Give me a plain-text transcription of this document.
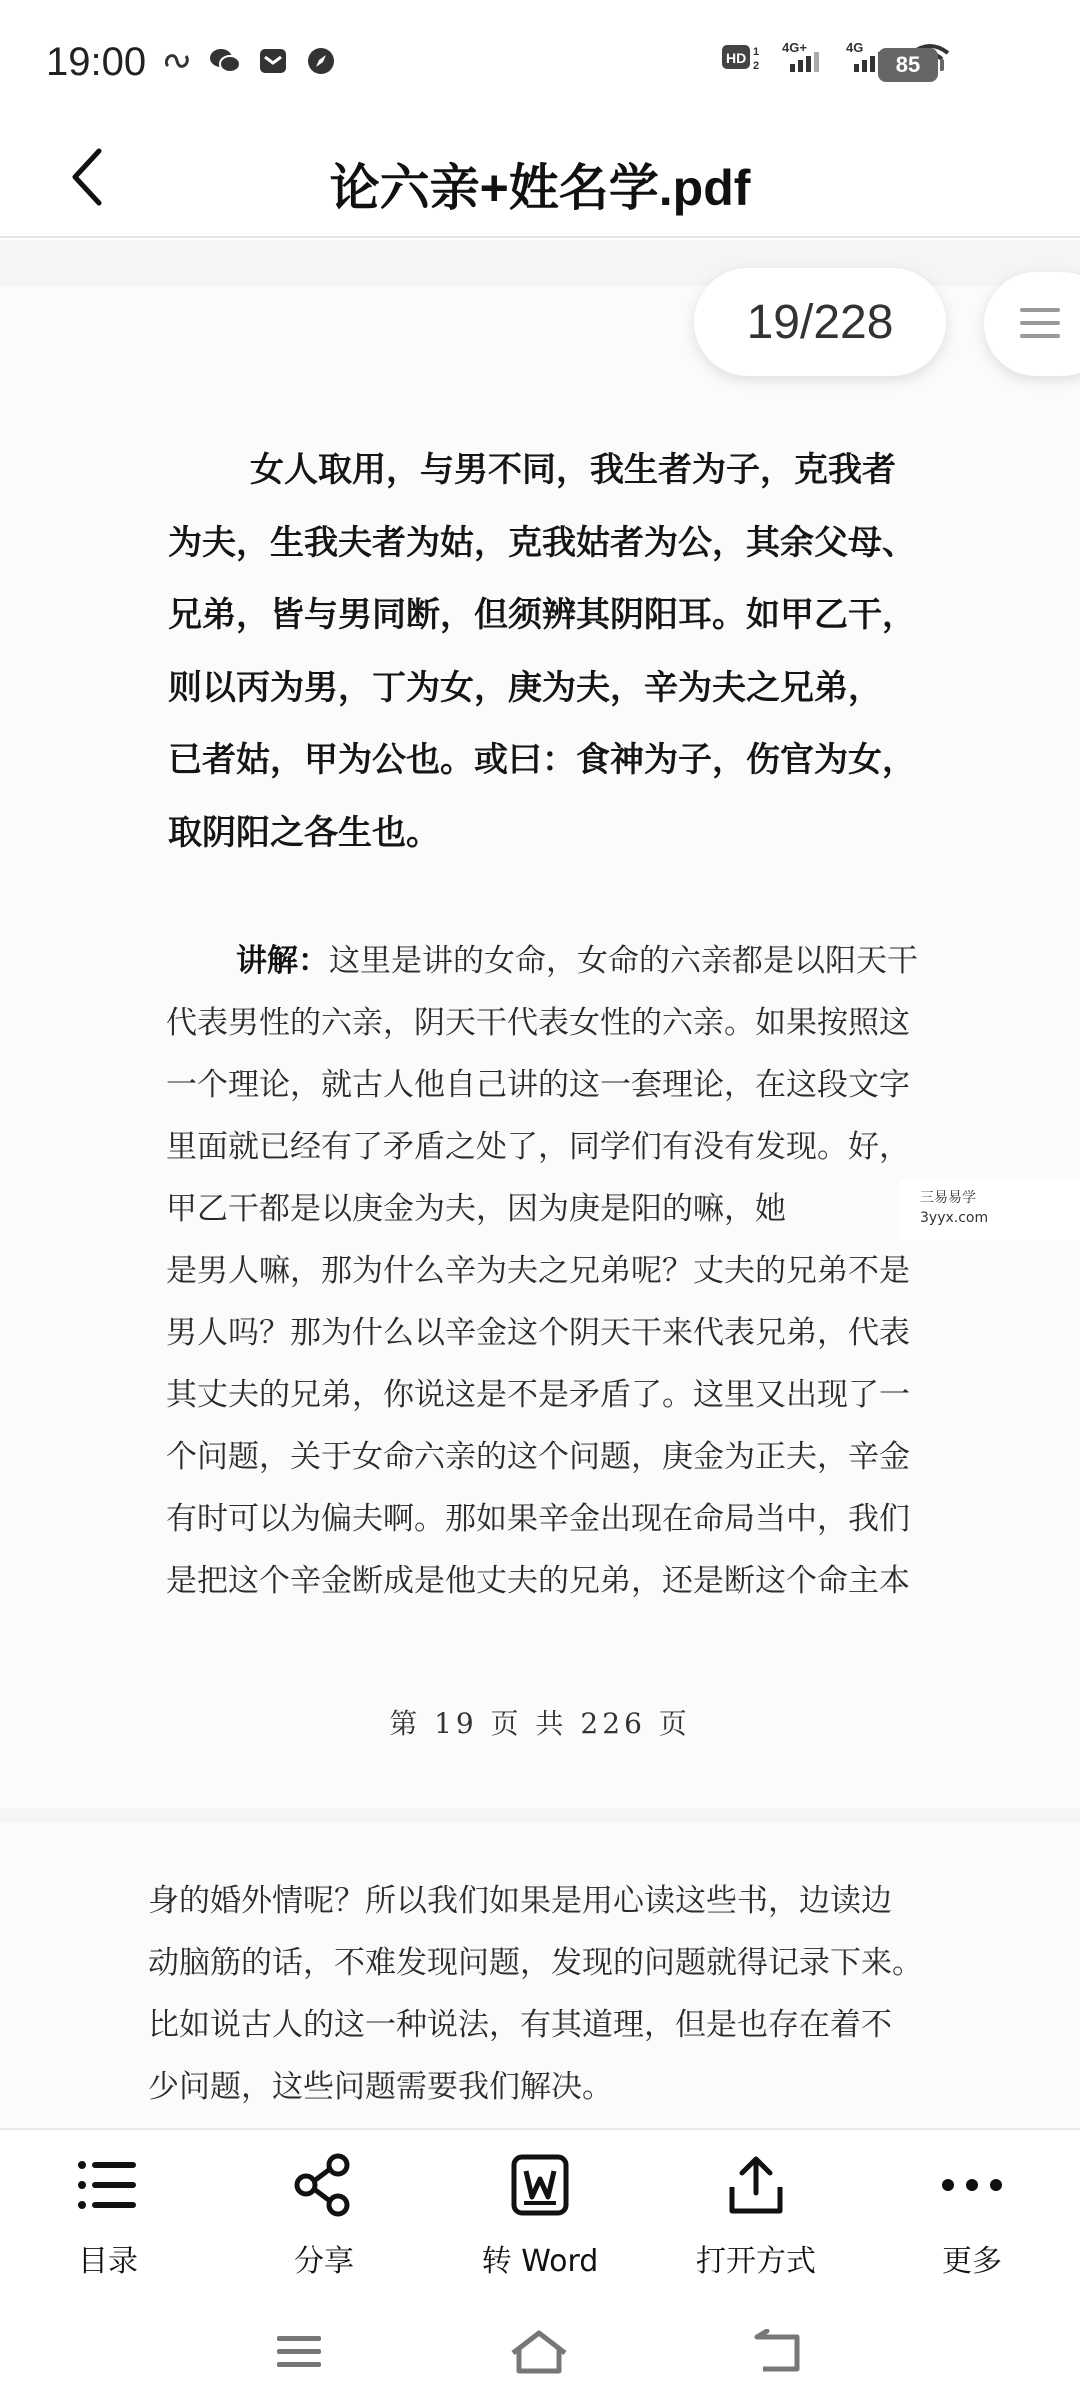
19:00	HD 1
2
4G+	4G
85
论六亲+姓名学.pdf
19/228
女人取用，与男不同，我生者为子，克我者
为夫，生我夫者为姑，克我姑者为公，其余父母、
兄弟，皆与男同断，但须辨其阴阳耳。如甲乙干，
则以丙为男，丁为女，庚为夫，辛为夫之兄弟，
已者姑，甲为公也。或曰：食神为子，伤官为女，
取阴阳之各生也。
讲解：这里是讲的女命，女命的六亲都是以阳天干
代表男性的六亲，阴天干代表女性的六亲。如果按照这
一个理论，就古人他自己讲的这一套理论，在这段文字
里面就已经有了矛盾之处了，同学们有没有发现。好，
甲乙干都是以庚金为夫，因为庚是阳的嘛，她
是男人嘛，那为什么辛为夫之兄弟呢？丈夫的兄弟不是
男人吗？那为什么以辛金这个阴天干来代表兄弟，代表
其丈夫的兄弟，你说这是不是矛盾了。这里又出现了一
个问题，关于女命六亲的这个问题，庚金为正夫，辛金
有时可以为偏夫啊。那如果辛金出现在命局当中，我们
是把这个辛金断成是他丈夫的兄弟，还是断这个命主本
三易易学
3yyx.com
第 19 页 共 226 页
身的婚外情呢？所以我们如果是用心读这些书，边读边
动脑筋的话，不难发现问题，发现的问题就得记录下来。
比如说古人的这一种说法，有其道理，但是也存在着不
少问题，这些问题需要我们解决。
目录	分享	转 Word	打开方式	更多
